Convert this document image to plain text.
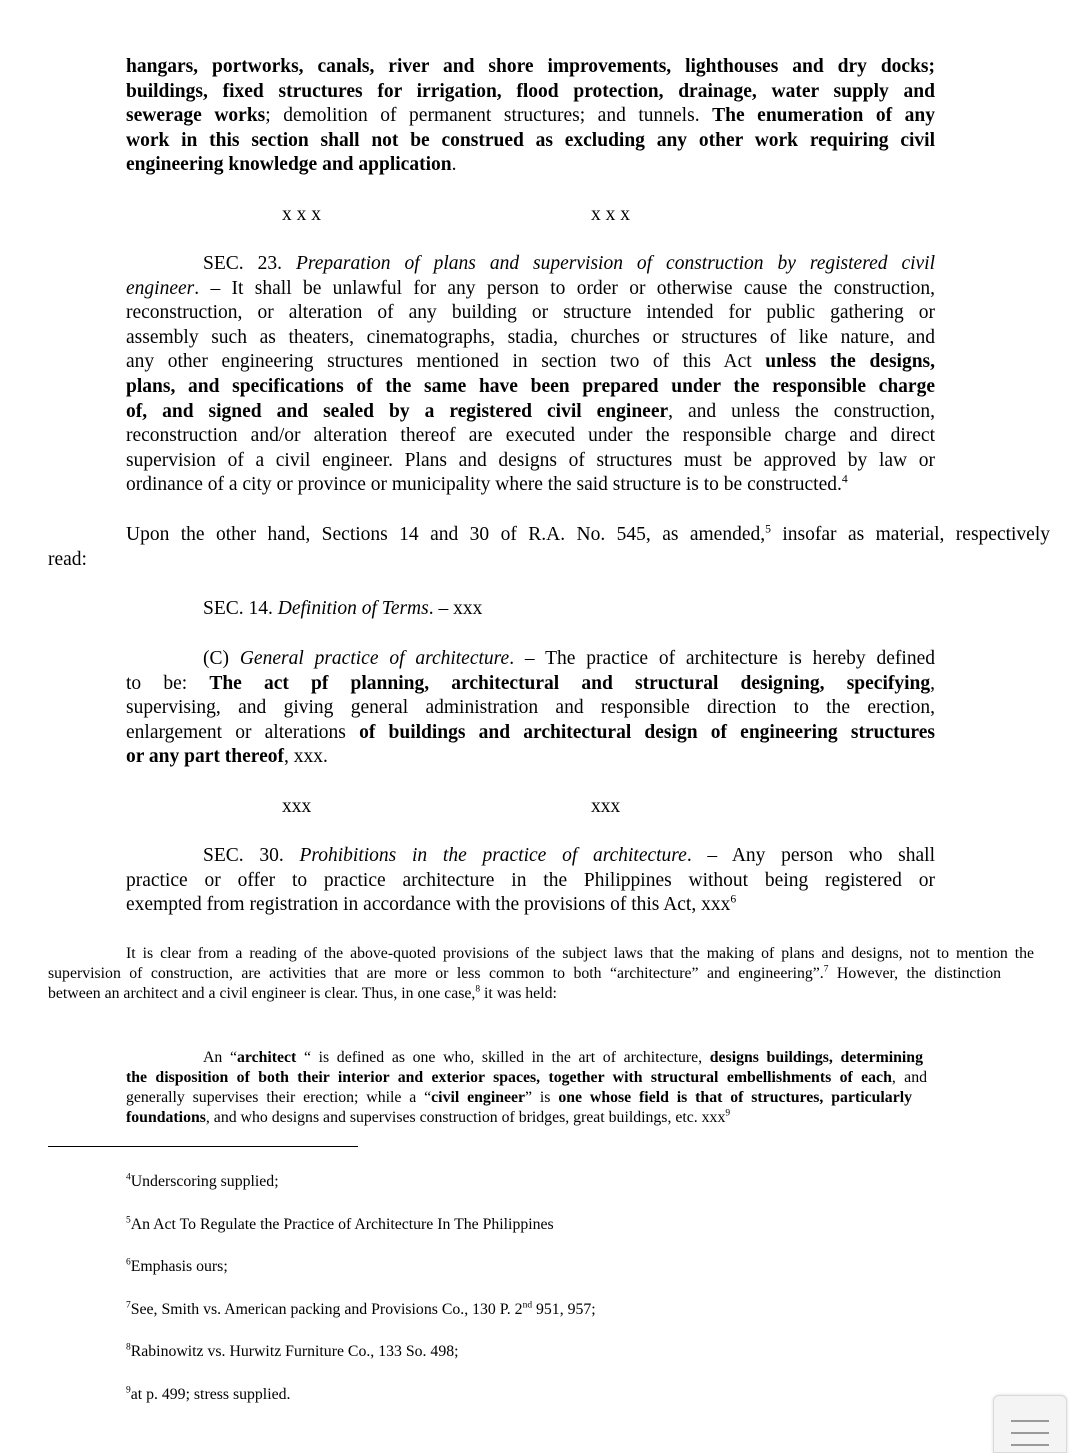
hangars, portworks, canals, river and shore improvements, lighthouses and dry docks;
buildings, fixed structures for irrigation, flood protection, drainage, water supply and
sewerage works; demolition of permanent structures; and tunnels. The enumeration of any
work in this section shall not be construed as excluding any other work requiring civil
engineering knowledge and application.
x x x	x x x
SEC. 23. Preparation of plans and supervision of construction by registered civil
engineer. – It shall be unlawful for any person to order or otherwise cause the construction,
reconstruction, or alteration of any building or structure intended for public gathering or
assembly such as theaters, cinematographs, stadia, churches or structures of like nature, and
any other engineering structures mentioned in section two of this Act unless the designs,
plans, and specifications of the same have been prepared under the responsible charge
of, and signed and sealed by a registered civil engineer, and unless the construction,
reconstruction and/or alteration thereof are executed under the responsible charge and direct
supervision of a civil engineer. Plans and designs of structures must be approved by law or
ordinance of a city or province or municipality where the said structure is to be constructed.$^4$
Upon the other hand, Sections 14 and 30 of R.A. No. 545, as amended,$^5$ insofar as material, respectively
read:
SEC. 14. Definition of Terms. – xxx
(C) General practice of architecture. – The practice of architecture is hereby defined
to be: The act pf planning, architectural and structural designing, specifying,
supervising, and giving general administration and responsible direction to the erection,
enlargement or alterations of buildings and architectural design of engineering structures
or any part thereof, xxx.
xxx	xxx
SEC. 30. Prohibitions in the practice of architecture. – Any person who shall
practice or offer to practice architecture in the Philippines without being registered or
exempted from registration in accordance with the provisions of this Act, xxx$^6$
It is clear from a reading of the above-quoted provisions of the subject laws that the making of plans and designs, not to mention the
supervision of construction, are activities that are more or less common to both “architecture” and engineering”.$^7$ However, the distinction
between an architect and a civil engineer is clear. Thus, in one case,$^8$ it was held:
An “architect “ is defined as one who, skilled in the art of architecture, designs buildings, determining
the disposition of both their interior and exterior spaces, together with structural embellishments of each, and
generally supervises their erection; while a “civil engineer” is one whose field is that of structures, particularly
foundations, and who designs and supervises construction of bridges, great buildings, etc. xxx$^9$
$^4$Underscoring supplied;
$^5$An Act To Regulate the Practice of Architecture In The Philippines
$^6$Emphasis ours;
$^7$See, Smith vs. American packing and Provisions Co., 130 P. 2nd 951, 957;
$^8$Rabinowitz vs. Hurwitz Furniture Co., 133 So. 498;
$^9$at p. 499; stress supplied.
